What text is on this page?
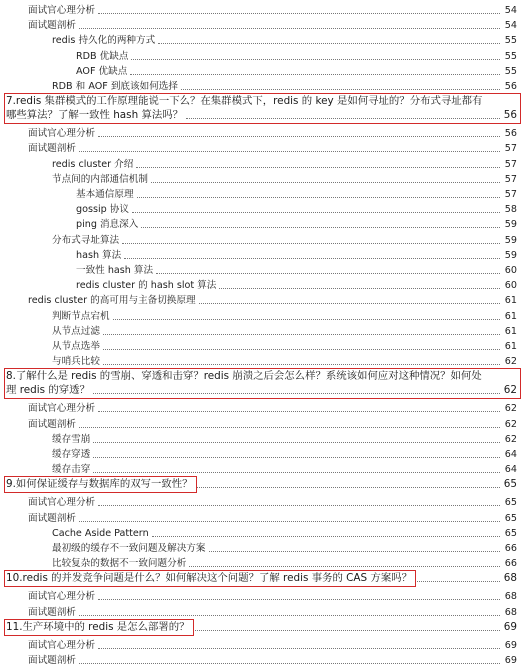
面试官心理分析	54
面试题剖析	54
redis 持久化的两种方式	55
RDB 优缺点	55
AOF 优缺点	55
RDB 和 AOF 到底该如何选择	56
7.redis 集群模式的工作原理能说一下么？在集群模式下，redis 的 key 是如何寻址的？分布式寻址都有
哪些算法？了解一致性 hash 算法吗？	56
面试官心理分析	56
面试题剖析	57
redis cluster 介绍	57
节点间的内部通信机制	57
基本通信原理	57
gossip 协议	58
ping 消息深入	59
分布式寻址算法	59
hash 算法	59
一致性 hash 算法	60
redis cluster 的 hash slot 算法	60
redis cluster 的高可用与主备切换原理	61
判断节点宕机	61
从节点过滤	61
从节点选举	61
与哨兵比较	62
8.了解什么是 redis 的雪崩、穿透和击穿？redis 崩溃之后会怎么样？系统该如何应对这种情况？如何处
理 redis 的穿透？	62
面试官心理分析	62
面试题剖析	62
缓存雪崩	62
缓存穿透	64
缓存击穿	64
9.如何保证缓存与数据库的双写一致性？	65
面试官心理分析	65
面试题剖析	65
Cache Aside Pattern	65
最初级的缓存不一致问题及解决方案	66
比较复杂的数据不一致问题分析	66
10.redis 的并发竞争问题是什么？如何解决这个问题？了解 redis 事务的 CAS 方案吗？	68
面试官心理分析	68
面试题剖析	68
11.生产环境中的 redis 是怎么部署的？	69
面试官心理分析	69
面试题剖析	69
